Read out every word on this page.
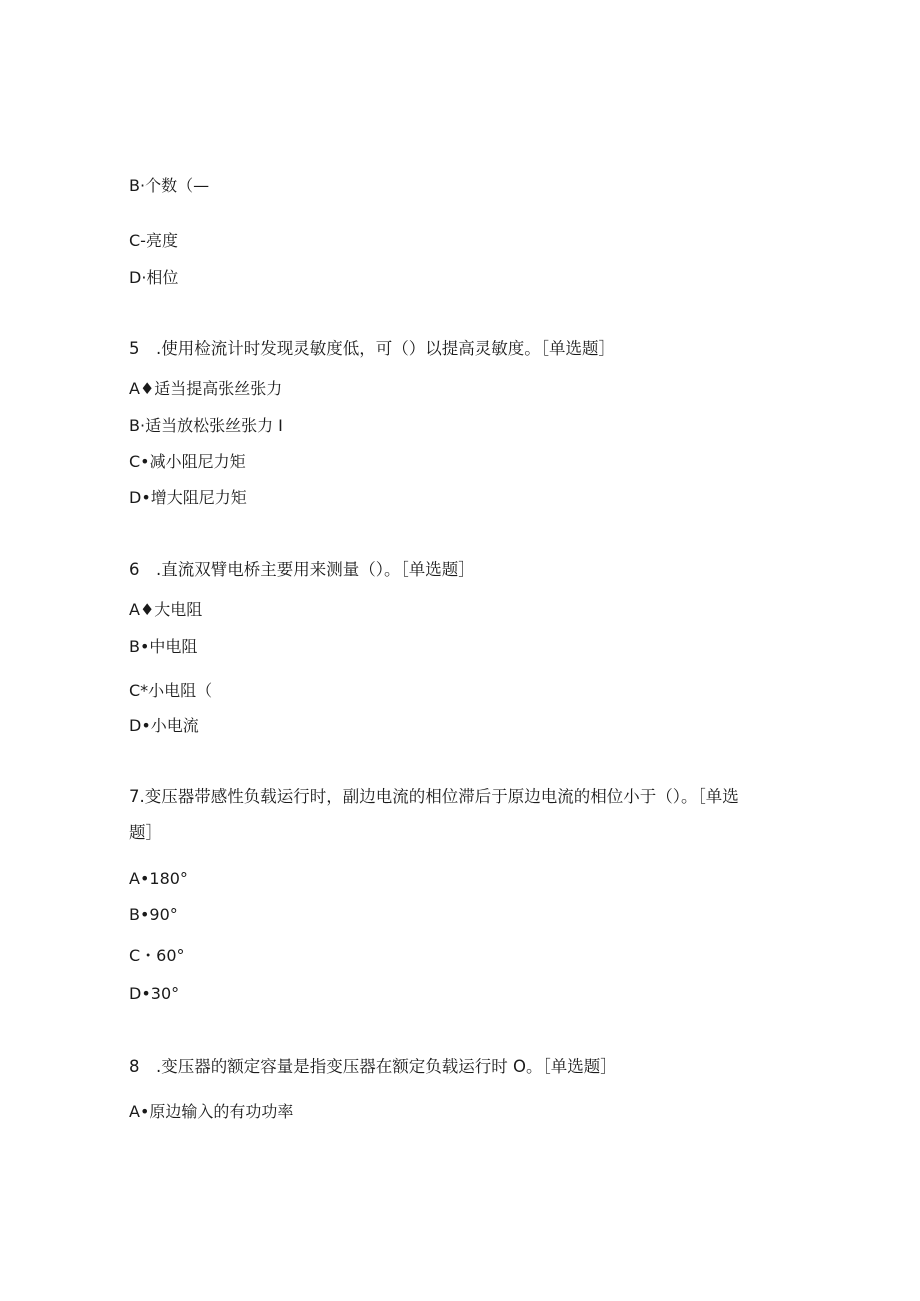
B·个数（—
C-亮度
D·相位
5 .使用检流计时发现灵敏度低，可（）以提高灵敏度。［单选题］
A♦适当提高张丝张力
B·适当放松张丝张力 I
C•减小阻尼力矩
D•增大阻尼力矩
6 .直流双臂电桥主要用来测量（）。［单选题］
A♦大电阻
B•中电阻
C*小电阻（
D•小电流
7.变压器带感性负载运行时，副边电流的相位滞后于原边电流的相位小于（）。［单选
题］
A•180°
B•90°
C・60°
D•30°
8 .变压器的额定容量是指变压器在额定负载运行时 O。［单选题］
A•原边输入的有功功率
